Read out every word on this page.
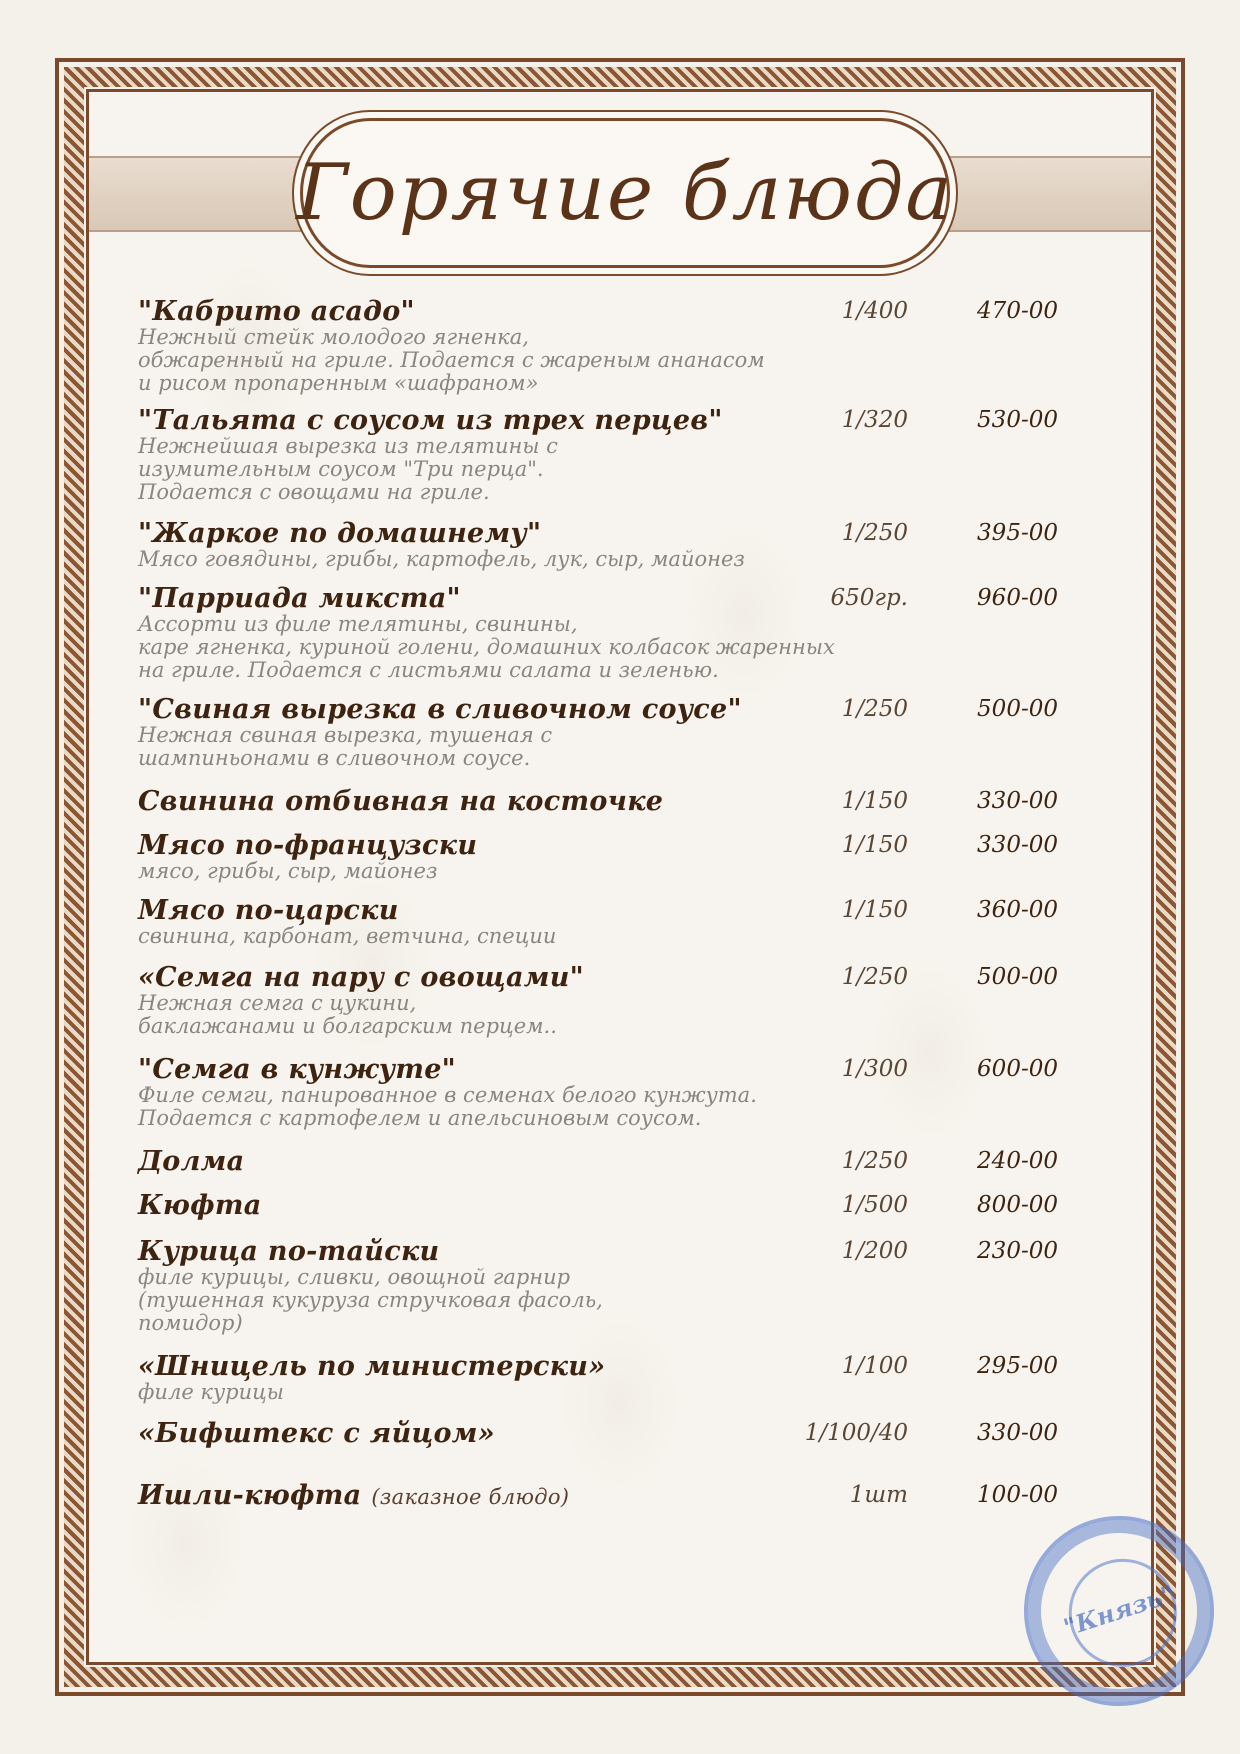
Горячие блюда
"Кабрито асадо"	1/400	470-00
Нежный стейк молодого ягненка,
обжаренный на гриле. Подается с жареным ананасом
и рисом пропаренным «шафраном»
"Тальята с соусом из трех перцев"	1/320	530-00
Нежнейшая вырезка из телятины с
изумительным соусом "Три перца".
Подается с овощами на гриле.
"Жаркое по домашнему"	1/250	395-00
Мясо говядины, грибы, картофель, лук, сыр, майонез
"Парриада микста"	650гр.	960-00
Ассорти из филе телятины, свинины,
каре ягненка, куриной голени, домашних колбасок жаренных
на гриле. Подается с листьями салата и зеленью.
"Свиная вырезка в сливочном соусе"	1/250	500-00
Нежная свиная вырезка, тушеная с
шампиньонами в сливочном соусе.
Свинина отбивная на косточке	1/150	330-00
Мясо по-французски	1/150	330-00
мясо, грибы, сыр, майонез
Мясо по-царски	1/150	360-00
свинина, карбонат, ветчина, специи
«Семга на пару с овощами"	1/250	500-00
Нежная семга с цукини,
баклажанами и болгарским перцем..
"Семга в кунжуте"	1/300	600-00
Филе семги, панированное в семенах белого кунжута.
Подается с картофелем и апельсиновым соусом.
Долма	1/250	240-00
Кюфта	1/500	800-00
Курица по-тайски	1/200	230-00
филе курицы, сливки, овощной гарнир
(тушенная кукуруза стручковая фасоль,
помидор)
«Шницель по министерски»	1/100	295-00
филе курицы
«Бифштекс с яйцом»	1/100/40	330-00
Ишли-кюфта (заказное блюдо)	1шт	100-00
"Князь"
